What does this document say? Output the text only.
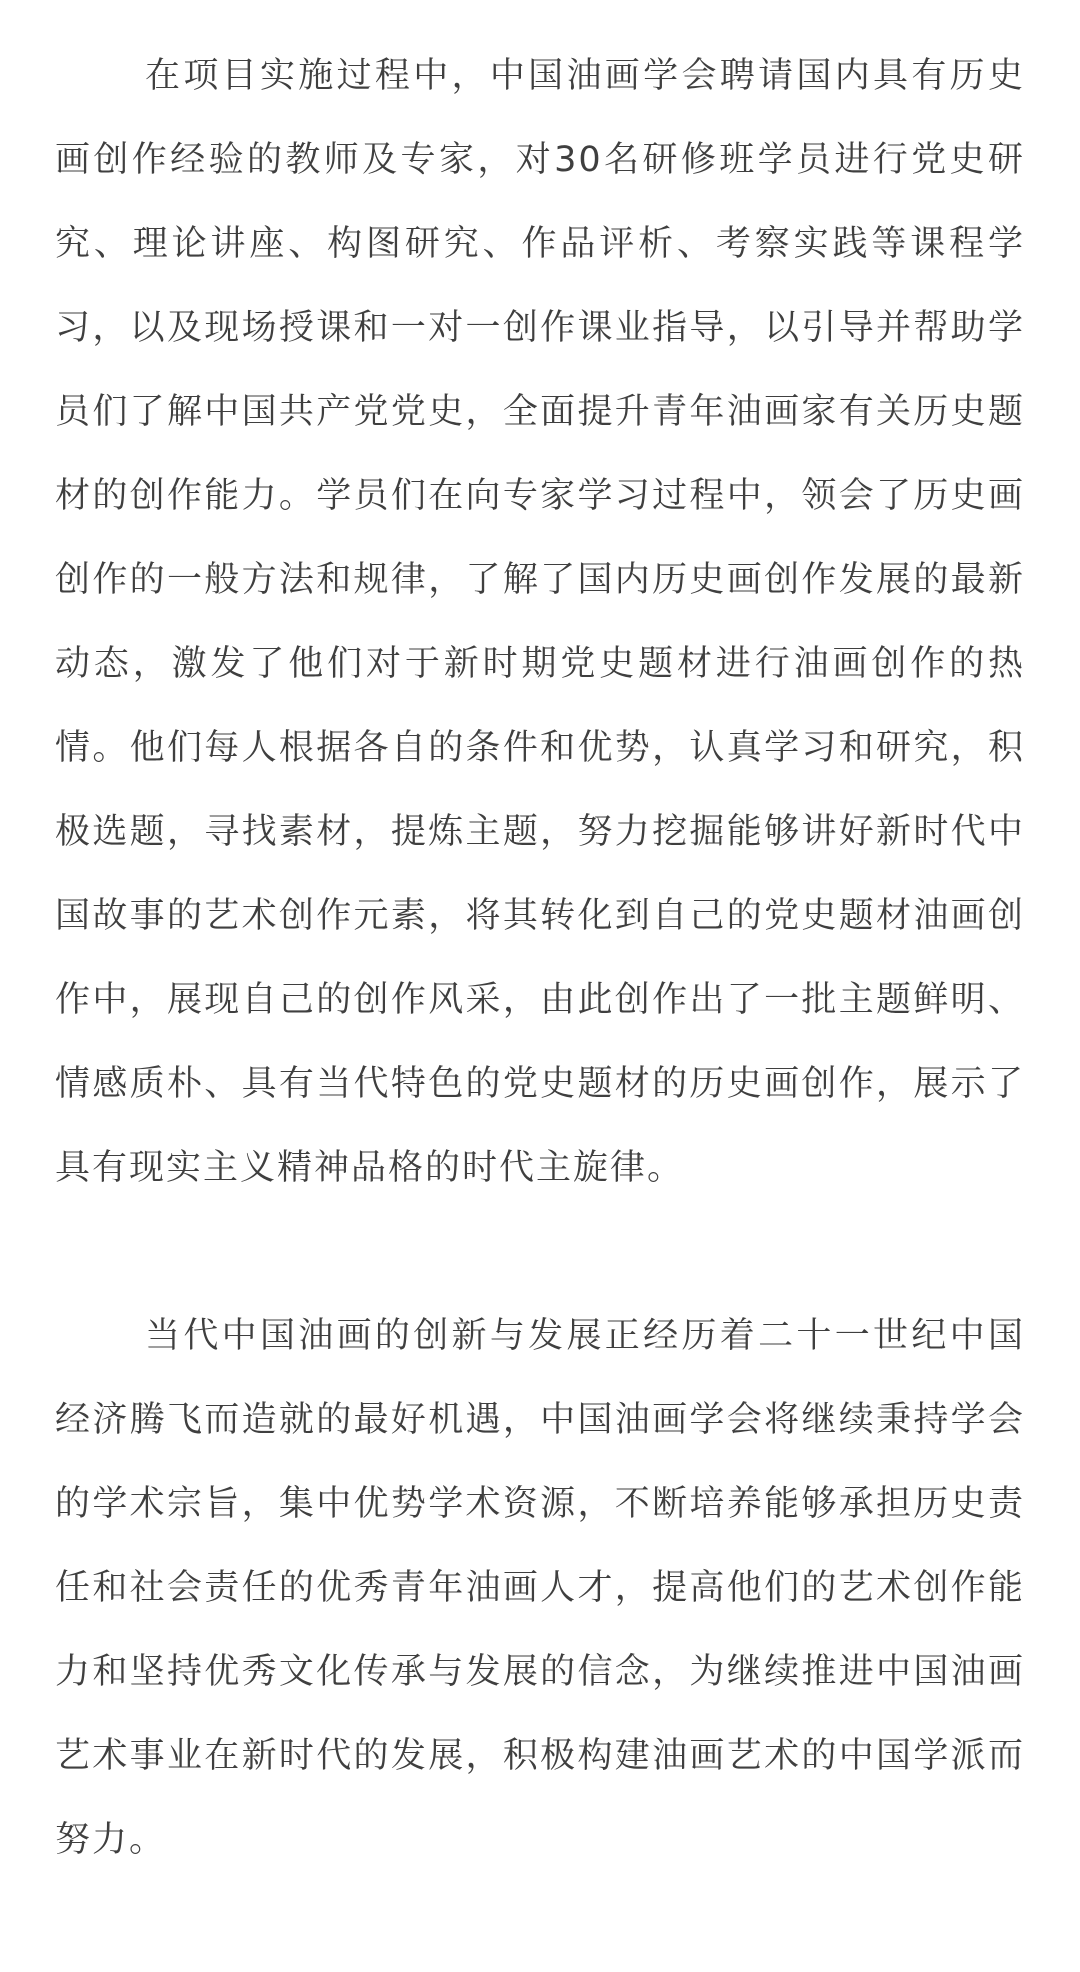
在项目实施过程中，中国油画学会聘请国内具有历史画创作经验的教师及专家，对30名研修班学员进行党史研究、理论讲座、构图研究、作品评析、考察实践等课程学习，以及现场授课和一对一创作课业指导，以引导并帮助学员们了解中国共产党党史，全面提升青年油画家有关历史题材的创作能力。学员们在向专家学习过程中，领会了历史画创作的一般方法和规律，了解了国内历史画创作发展的最新动态，激发了他们对于新时期党史题材进行油画创作的热情。他们每人根据各自的条件和优势，认真学习和研究，积极选题，寻找素材，提炼主题，努力挖掘能够讲好新时代中国故事的艺术创作元素，将其转化到自己的党史题材油画创作中，展现自己的创作风采，由此创作出了一批主题鲜明、情感质朴、具有当代特色的党史题材的历史画创作，展示了具有现实主义精神品格的时代主旋律。

当代中国油画的创新与发展正经历着二十一世纪中国经济腾飞而造就的最好机遇，中国油画学会将继续秉持学会的学术宗旨，集中优势学术资源，不断培养能够承担历史责任和社会责任的优秀青年油画人才，提高他们的艺术创作能力和坚持优秀文化传承与发展的信念，为继续推进中国油画艺术事业在新时代的发展，积极构建油画艺术的中国学派而努力。
